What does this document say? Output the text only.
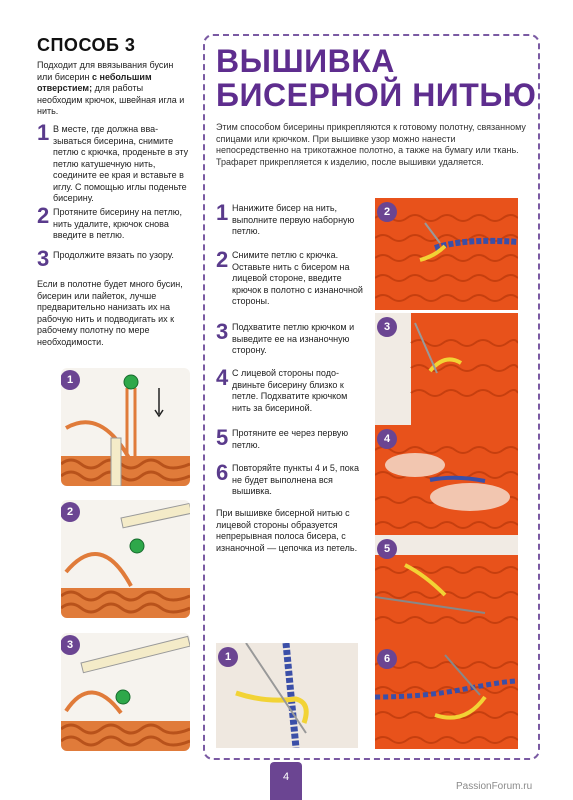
СПОСОБ 3
Подходит для ввязывания бусин или бисерин с небольшим отверстием; для работы необходим крючок, швейная игла и нить.
1 В месте, где должна ввазываться бисерина, снимите петлю с крючка, проденьте в эту петлю катушечную нить, соедините ее края и вставьте в иглу. С помощью иглы поденьте бисерину.
2 Протяните бисерину на петлю, нить удалите, крючок снова введите в петлю.
3 Продолжите вязать по узору.
Если в полотне будет много бусин, бисерин или пайеток, лучше предварительно нанизать их на рабочую нить и подводигать их к рабочему полотну по мере необходимости.
1
2
3
ВЫШИВКА
БИСЕРНОЙ НИТЬЮ
Этим способом бисерины прикрепляются к готовому полотну, связанному спицами или крючком. При вышивке узор можно нанести непосредственно на трикотажное полотно, а также на бумагу или ткань. Трафарет прикрепляется к изделию, после вышивки удаляется.
1 Нанижите бисер на нить, выполните первую наборную петлю.
2 Снимите петлю с крючка. Оставьте нить с бисером на лицевой стороне, введите крючок в полотно с изнаночной стороны.
3 Подхватите петлю крючком и выведите ее на изнаночную сторону.
4 С лицевой стороны пододвиньте бисерину близко к петле. Подхватите крючком нить за бисериной.
5 Протяните ее через первую петлю.
6 Повторяйте пункты 4 и 5, пока не будет выполнена вся вышивка.
При вышивке бисерной нитью с лицевой стороны образуется непрерывная полоса бисера, с изнаночной — цепочка из петель.
2
3
4
5
6
1
4
PassionForum.ru
